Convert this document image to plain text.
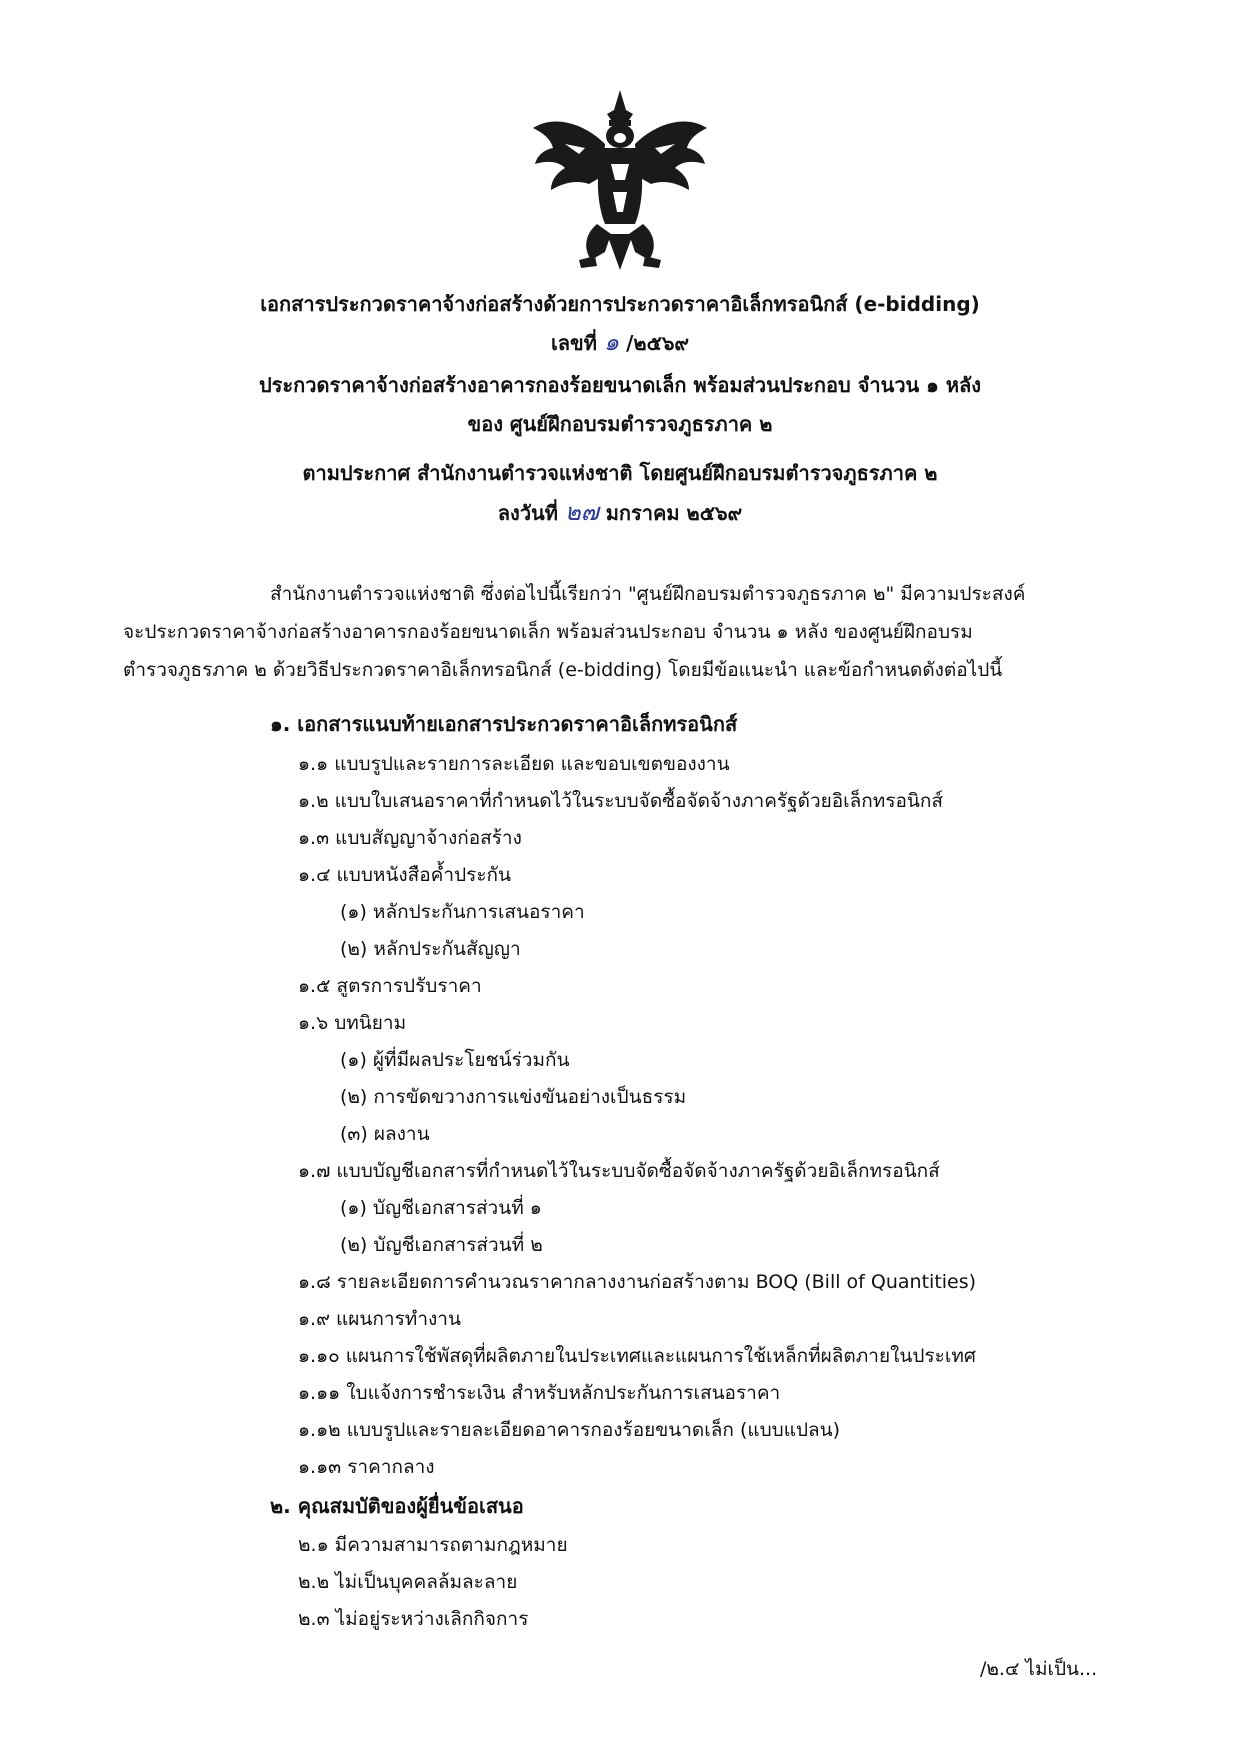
เอกสารประกวดราคาจ้างก่อสร้างด้วยการประกวดราคาอิเล็กทรอนิกส์ (e-bidding)
เลขที่ ๑ /๒๕๖๙
ประกวดราคาจ้างก่อสร้างอาคารกองร้อยขนาดเล็ก พร้อมส่วนประกอบ จำนวน ๑ หลัง
ของ ศูนย์ฝึกอบรมตำรวจภูธรภาค ๒
ตามประกาศ สำนักงานตำรวจแห่งชาติ โดยศูนย์ฝึกอบรมตำรวจภูธรภาค ๒
ลงวันที่ ๒๗ มกราคม ๒๕๖๙
สำนักงานตำรวจแห่งชาติ ซึ่งต่อไปนี้เรียกว่า "ศูนย์ฝึกอบรมตำรวจภูธรภาค ๒" มีความประสงค์
จะประกวดราคาจ้างก่อสร้างอาคารกองร้อยขนาดเล็ก พร้อมส่วนประกอบ จำนวน ๑ หลัง ของศูนย์ฝึกอบรม
ตำรวจภูธรภาค ๒ ด้วยวิธีประกวดราคาอิเล็กทรอนิกส์ (e-bidding) โดยมีข้อแนะนำ และข้อกำหนดดังต่อไปนี้
๑. เอกสารแนบท้ายเอกสารประกวดราคาอิเล็กทรอนิกส์
๑.๑ แบบรูปและรายการละเอียด และขอบเขตของงาน
๑.๒ แบบใบเสนอราคาที่กำหนดไว้ในระบบจัดซื้อจัดจ้างภาครัฐด้วยอิเล็กทรอนิกส์
๑.๓ แบบสัญญาจ้างก่อสร้าง
๑.๔ แบบหนังสือค้ำประกัน
(๑) หลักประกันการเสนอราคา
(๒) หลักประกันสัญญา
๑.๕ สูตรการปรับราคา
๑.๖ บทนิยาม
(๑) ผู้ที่มีผลประโยชน์ร่วมกัน
(๒) การขัดขวางการแข่งขันอย่างเป็นธรรม
(๓) ผลงาน
๑.๗ แบบบัญชีเอกสารที่กำหนดไว้ในระบบจัดซื้อจัดจ้างภาครัฐด้วยอิเล็กทรอนิกส์
(๑) บัญชีเอกสารส่วนที่ ๑
(๒) บัญชีเอกสารส่วนที่ ๒
๑.๘ รายละเอียดการคำนวณราคากลางงานก่อสร้างตาม BOQ (Bill of Quantities)
๑.๙ แผนการทำงาน
๑.๑๐ แผนการใช้พัสดุที่ผลิตภายในประเทศและแผนการใช้เหล็กที่ผลิตภายในประเทศ
๑.๑๑ ใบแจ้งการชำระเงิน สำหรับหลักประกันการเสนอราคา
๑.๑๒ แบบรูปและรายละเอียดอาคารกองร้อยขนาดเล็ก (แบบแปลน)
๑.๑๓ ราคากลาง
๒. คุณสมบัติของผู้ยื่นข้อเสนอ
๒.๑ มีความสามารถตามกฎหมาย
๒.๒ ไม่เป็นบุคคลล้มละลาย
๒.๓ ไม่อยู่ระหว่างเลิกกิจการ
/๒.๔ ไม่เป็น...
